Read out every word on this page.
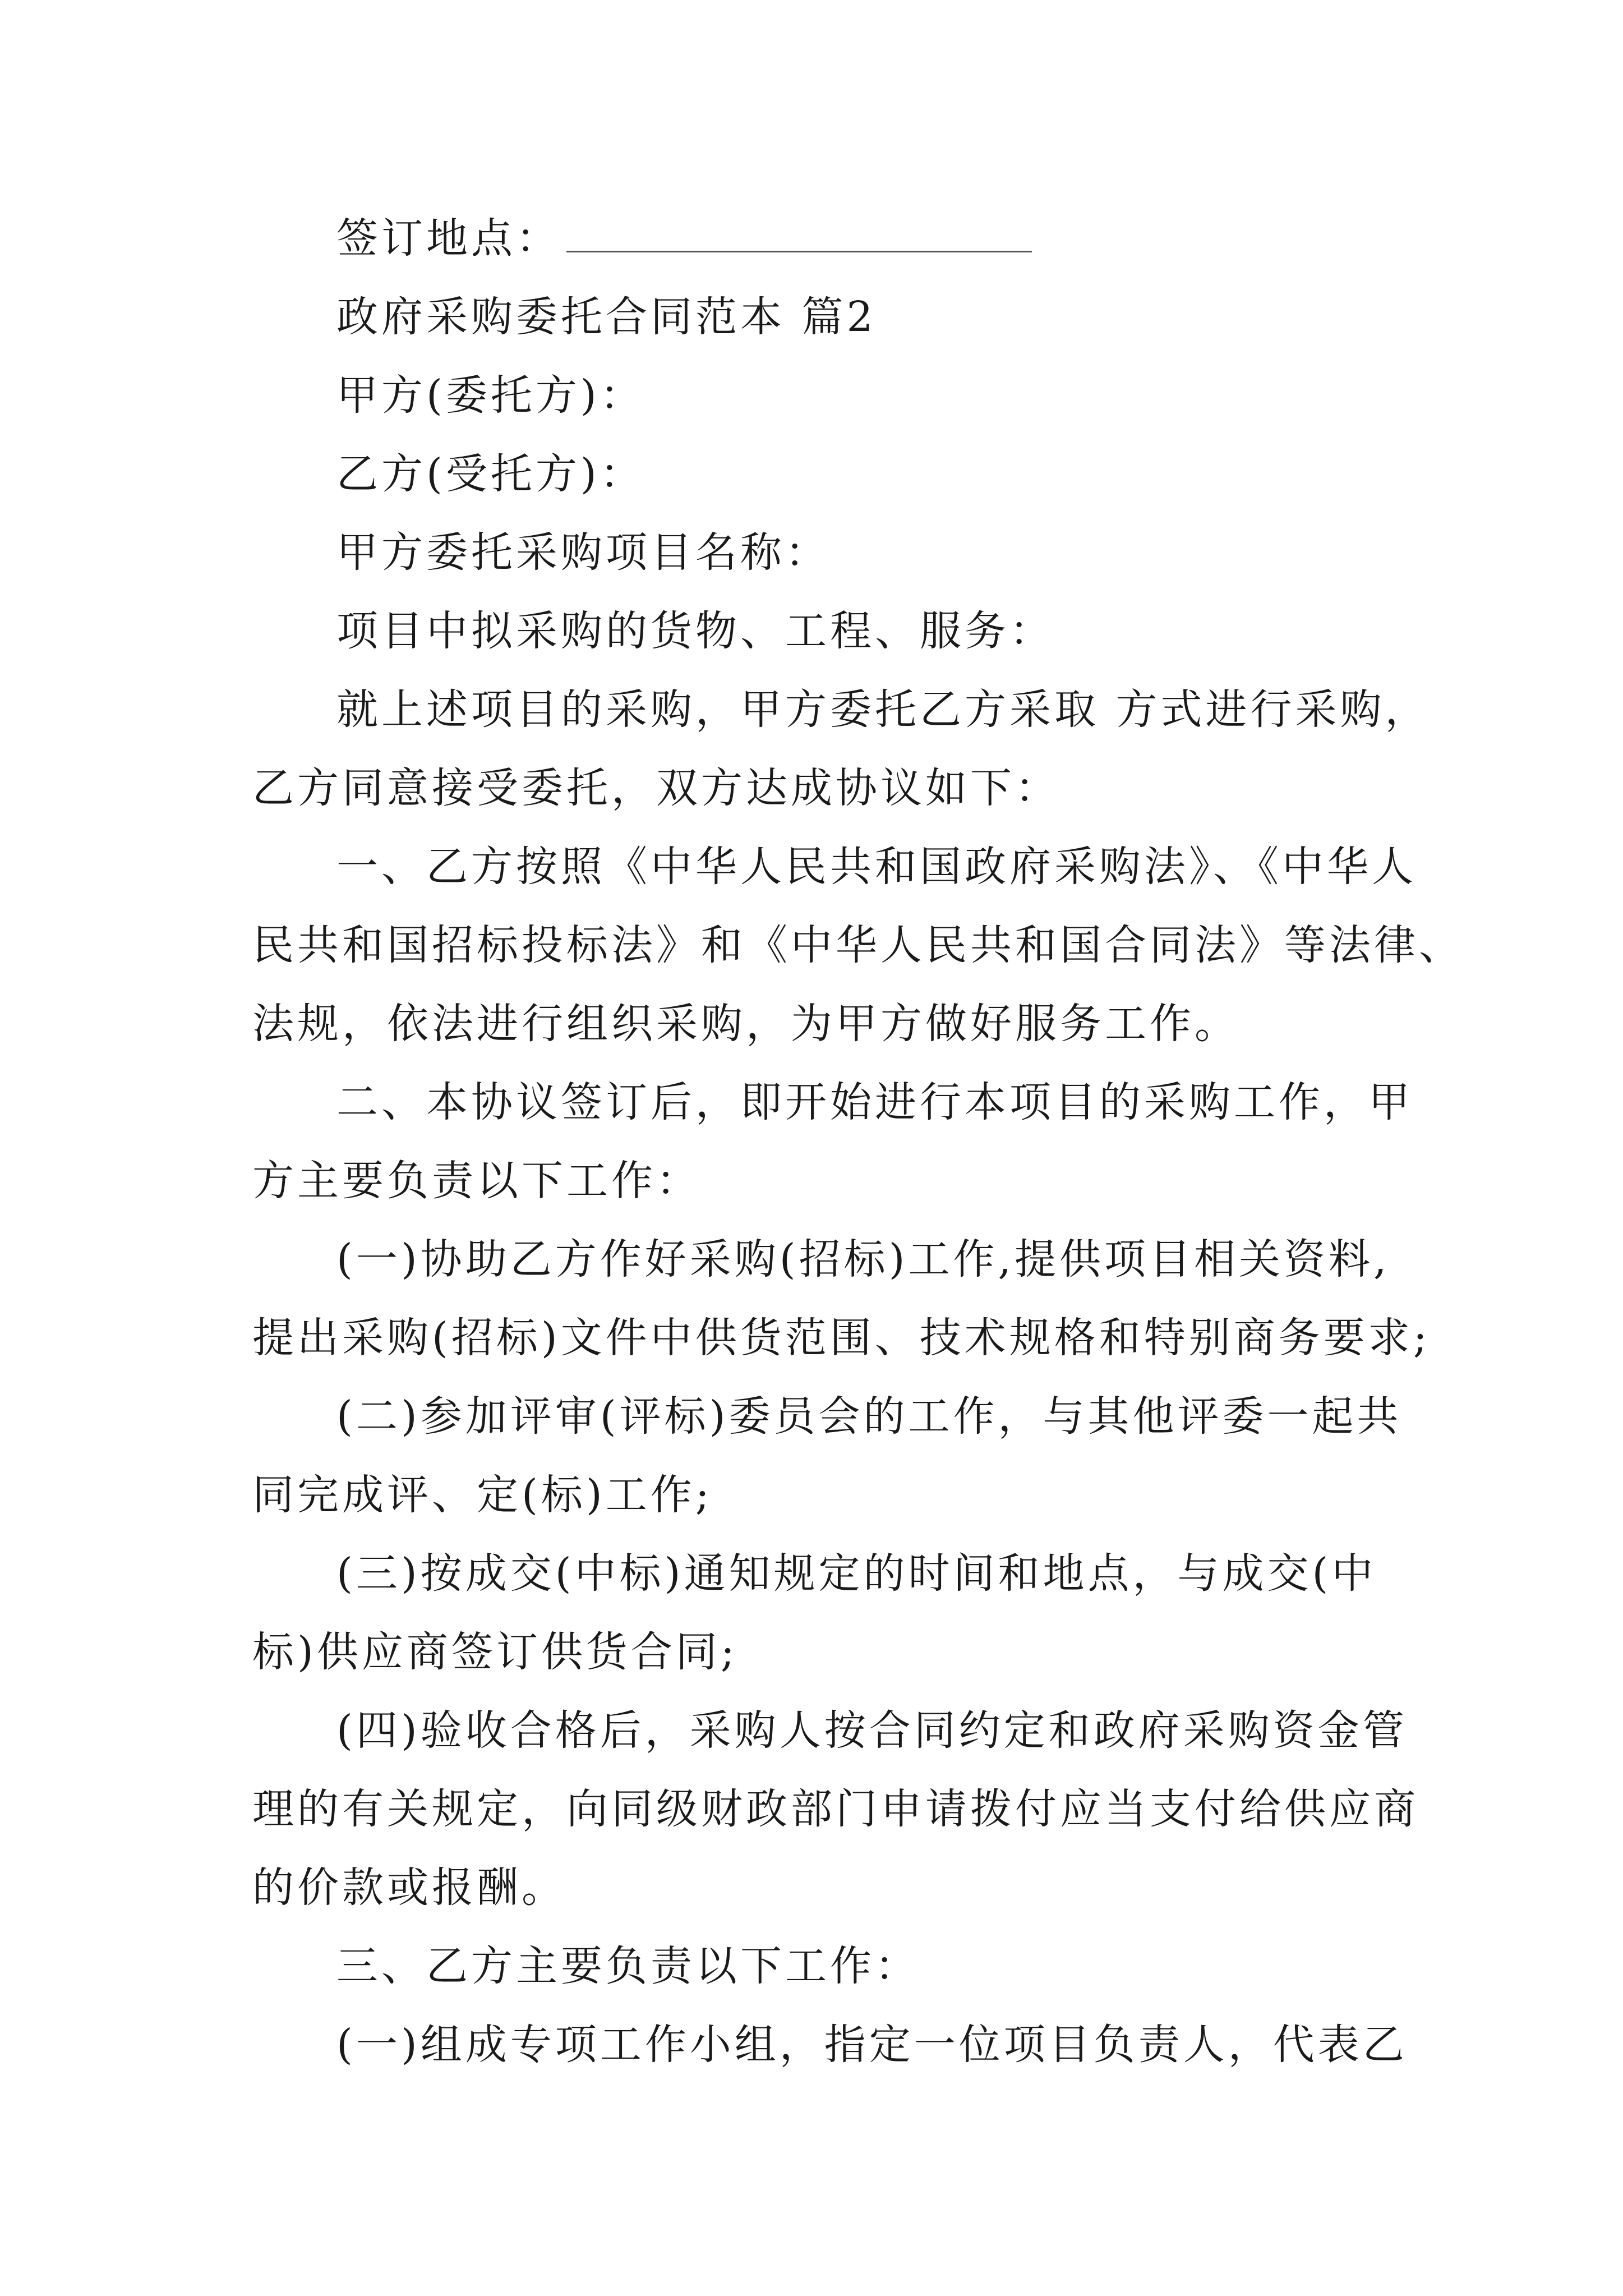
签订地点：
政府采购委托合同范本 篇2
甲方(委托方)：
乙方(受托方)：
甲方委托采购项目名称：
项目中拟采购的货物、工程、服务：
就上述项目的采购，甲方委托乙方采取 方式进行采购，
乙方同意接受委托，双方达成协议如下：
一、乙方按照《中华人民共和国政府采购法》、《中华人
民共和国招标投标法》和《中华人民共和国合同法》等法律、
法规，依法进行组织采购，为甲方做好服务工作。
二、本协议签订后，即开始进行本项目的采购工作，甲
方主要负责以下工作：
(一)协助乙方作好采购(招标)工作,提供项目相关资料,
提出采购(招标)文件中供货范围、技术规格和特别商务要求;
(二)参加评审(评标)委员会的工作，与其他评委一起共
同完成评、定(标)工作;
(三)按成交(中标)通知规定的时间和地点，与成交(中
标)供应商签订供货合同;
(四)验收合格后，采购人按合同约定和政府采购资金管
理的有关规定，向同级财政部门申请拨付应当支付给供应商
的价款或报酬。
三、乙方主要负责以下工作：
(一)组成专项工作小组，指定一位项目负责人，代表乙
